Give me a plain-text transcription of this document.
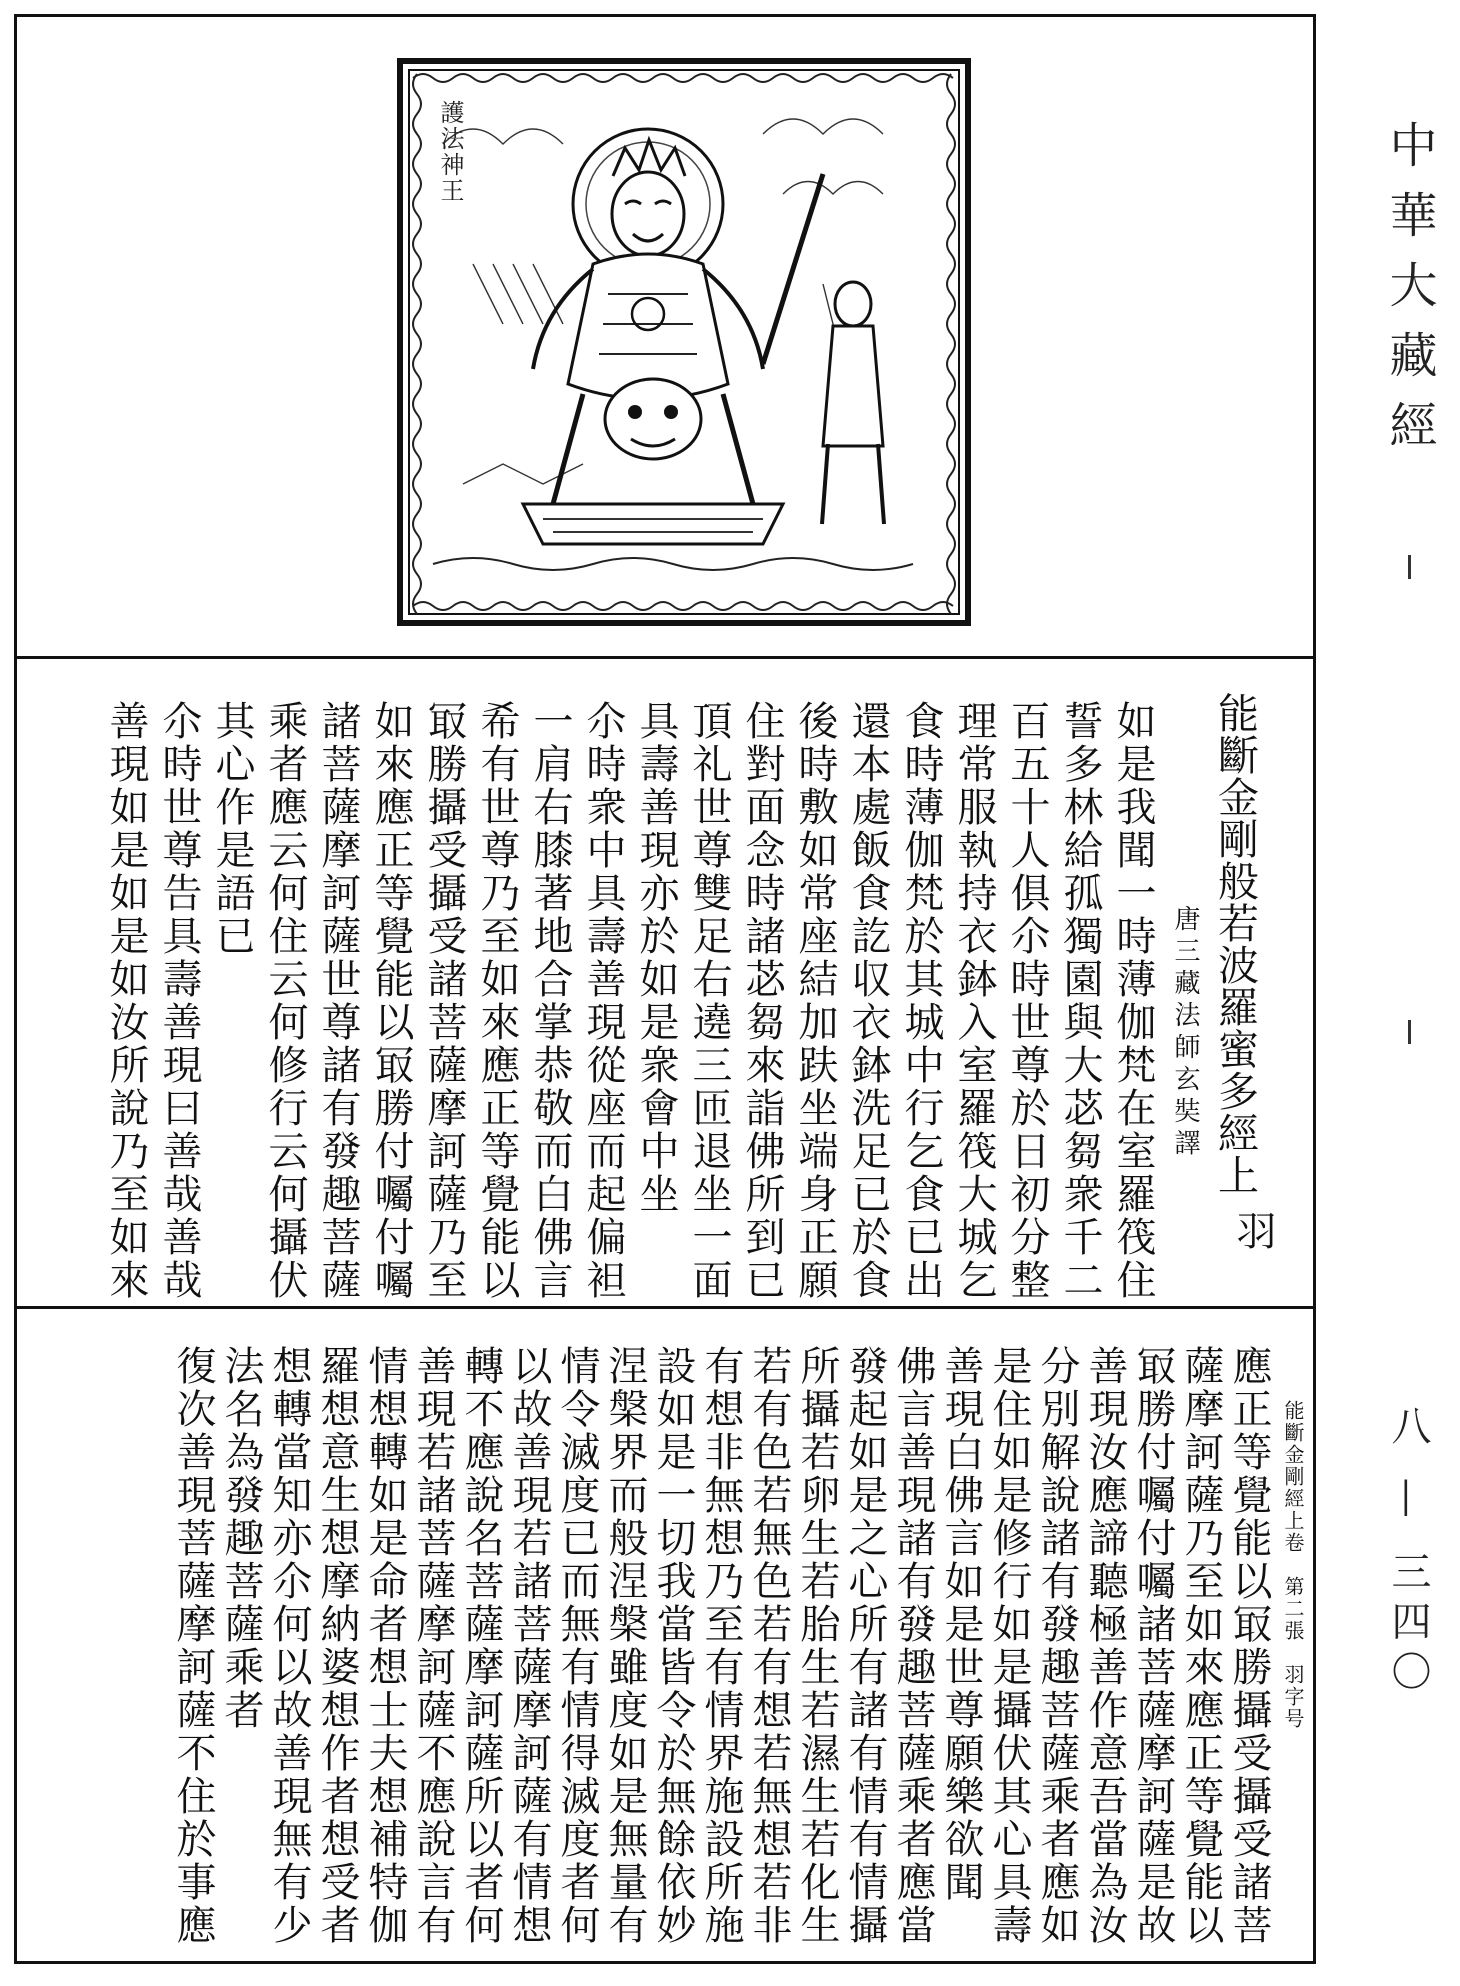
護法神王
能斷金剛般若波羅蜜多經上
唐三藏法師玄奘譯
羽
如是我聞一時薄伽梵在室羅筏住
誓多林給孤獨園與大苾芻衆千二
百五十人俱尒時世尊於日初分整
理常服執持衣鉢入室羅筏大城乞
食時薄伽梵於其城中行乞食已出
還本處飯食訖収衣鉢洗足已於食
後時敷如常座結加趺坐端身正願
住對面念時諸苾芻來詣佛所到已
頂礼世尊雙足右遶三匝退坐一面
具壽善現亦於如是衆會中坐
尒時衆中具壽善現從座而起偏袒
一肩右膝著地合掌恭敬而白佛言
希有世尊乃至如來應正等覺能以
冣勝攝受攝受諸菩薩摩訶薩乃至
如來應正等覺能以冣勝付囑付囑
諸菩薩摩訶薩世尊諸有發趣菩薩
乘者應云何住云何修行云何攝伏
其心作是語已
尒時世尊告具壽善現曰善哉善哉
善現如是如是如汝所說乃至如來
能斷金剛經上卷　第二張　羽字号
應正等覺能以冣勝攝受攝受諸菩
薩摩訶薩乃至如來應正等覺能以
冣勝付囑付囑諸菩薩摩訶薩是故
善現汝應諦聽極善作意吾當為汝
分別解說諸有發趣菩薩乘者應如
是住如是修行如是攝伏其心具壽
善現白佛言如是世尊願樂欲聞
佛言善現諸有發趣菩薩乘者應當
發起如是之心所有諸有情有情攝
所攝若卵生若胎生若濕生若化生
若有色若無色若有想若無想若非
有想非無想乃至有情界施設所施
設如是一切我當皆令於無餘依妙
涅槃界而般涅槃雖度如是無量有
情令滅度已而無有情得滅度者何
以故善現若諸菩薩摩訶薩有情想
轉不應說名菩薩摩訶薩所以者何
善現若諸菩薩摩訶薩不應說言有
情想轉如是命者想士夫想補特伽
羅想意生想摩納婆想作者想受者
想轉當知亦尒何以故善現無有少
法名為發趣菩薩乘者
復次善現菩薩摩訶薩不住於事應
中華大藏經
八 — 三四〇
